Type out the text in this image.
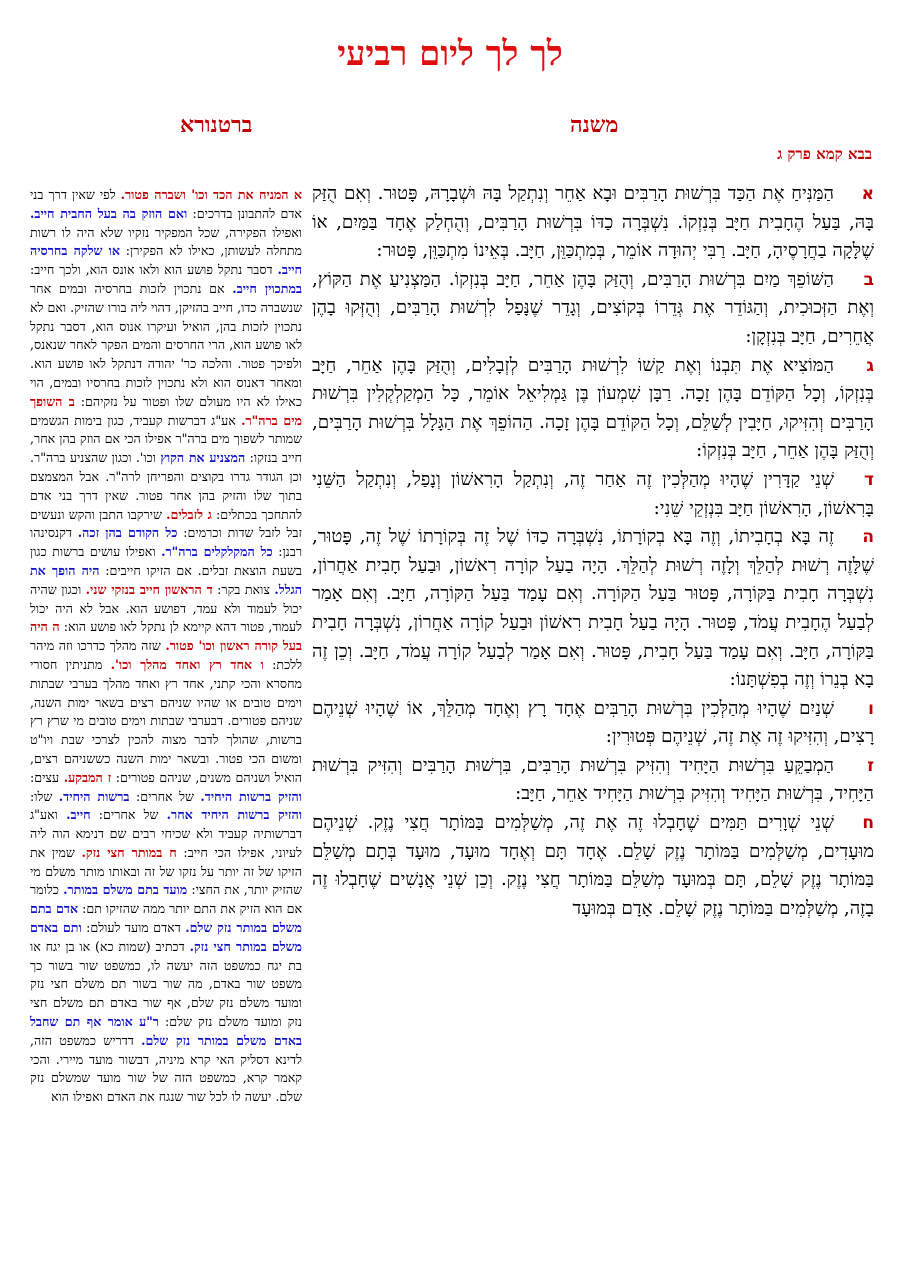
לך לך ליום רביעי
משנה
ברטנורא
בבא קמא פרק ג

אהַמַּנִּיחַ אֶת הַכַּד בִּרְשׁוּת הָרַבִּים וּבָא אַחֵר וְנִתְקַל בָּהּ וּשְׁבָרָהּ, פָּטוּר. וְאִם הֻזַּק בָּהּ, בַּעַל הֶחָבִית חַיָּב בְּנִזְקוֹ. נִשְׁבְּרָה כַדּוֹ בִּרְשׁוּת הָרַבִּים, וְהֻחְלַק אֶחָד בַּמַּיִם, אוֹ שֶׁלָּקָה בַחֲרָסֶיהָ, חַיָּב. רַבִּי יְהוּדָה אוֹמֵר, בְּמִתְכַּוֵּן, חַיָּב. בְּאֵינוֹ מִתְכַּוֵּן, פָּטוּר:

בהַשּׁוֹפֵךְ מַיִם בִּרְשׁוּת הָרַבִּים, וְהֻזַּק בָּהֶן אַחֵר, חַיָּב בְּנִזְקוֹ. הַמַּצְנִיעַ אֶת הַקּוֹץ, וְאֶת הַזְּכוּכִית, וְהַגּוֹדֵר אֶת גְּדֵרוֹ בְּקוֹצִים, וְגָדֵר שֶׁנָּפַל לִרְשׁוּת הָרַבִּים, וְהֻזְּקוּ בָהֶן אֲחֵרִים, חַיָּב בְּנִזְקָן:

גהַמּוֹצִיא אֶת תִּבְנוֹ וְאֶת קַשׁוֹ לִרְשׁוּת הָרַבִּים לְזְבָלִים, וְהֻזַּק בָּהֶן אַחֵר, חַיָּב בְּנִזְקוֹ, וְכָל הַקּוֹדֵם בָּהֶן זָכָה. רַבָּן שִׁמְעוֹן בֶּן גַּמְלִיאֵל אוֹמֵר, כָּל הַמְקַלְקְלִין בִּרְשׁוּת הָרַבִּים וְהִזִּיקוּ, חַיָּבִין לְשַׁלֵּם, וְכָל הַקּוֹדֵם בָּהֶן זָכָה. הַהוֹפֵךְ אֶת הַגָּלָל בִּרְשׁוּת הָרַבִּים, וְהֻזַּק בָּהֶן אַחֵר, חַיָּב בְּנִזְקוֹ:

דשְׁנֵי קַדָּרִין שֶׁהָיוּ מְהַלְּכִין זֶה אַחַר זֶה, וְנִתְקַל הָרִאשׁוֹן וְנָפַל, וְנִתְקַל הַשֵּׁנִי בָּרִאשׁוֹן, הָרִאשׁוֹן חַיָּב בִּנְזְקֵי שֵׁנִי:

הזֶה בָּא בְחָבִיתוֹ, וְזֶה בָּא בְקוֹרָתוֹ, נִשְׁבְּרָה כַדּוֹ שֶׁל זֶה בְּקוֹרָתוֹ שֶׁל זֶה, פָּטוּר, שֶׁלָּזֶה רְשׁוּת לְהַלֵּךְ וְלָזֶה רְשׁוּת לְהַלֵּךְ. הָיָה בַעַל קוֹרָה רִאשׁוֹן, וּבַעַל חָבִית אַחֲרוֹן, נִשְׁבְּרָה חָבִית בַּקּוֹרָה, פָּטוּר בַּעַל הַקּוֹרָה. וְאִם עָמַד בַּעַל הַקּוֹרָה, חַיָּב. וְאִם אָמַר לְבַעַל הֶחָבִית עֲמֹד, פָּטוּר. הָיָה בַעַל חָבִית רִאשׁוֹן וּבַעַל קוֹרָה אַחֲרוֹן, נִשְׁבְּרָה חָבִית בַּקּוֹרָה, חַיָּב. וְאִם עָמַד בַּעַל חָבִית, פָּטוּר. וְאִם אָמַר לְבַעַל קוֹרָה עֲמֹד, חַיָּב. וְכֵן זֶה בָא בְנֵרוֹ וְזֶה בְפִשְׁתָּנוֹ:

ושְׁנַיִם שֶׁהָיוּ מְהַלְּכִין בִּרְשׁוּת הָרַבִּים אֶחָד רָץ וְאֶחָד מְהַלֵּךְ, אוֹ שֶׁהָיוּ שְׁנֵיהֶם רָצִים, וְהִזִּיקוּ זֶה אֶת זֶה, שְׁנֵיהֶם פְּטוּרִין:

זהַמְבַקֵּעַ בִּרְשׁוּת הַיָּחִיד וְהִזִּיק בִּרְשׁוּת הָרַבִּים, בִּרְשׁוּת הָרַבִּים וְהִזִּיק בִּרְשׁוּת הַיָּחִיד, בִּרְשׁוּת הַיָּחִיד וְהִזִּיק בִּרְשׁוּת הַיָּחִיד אַחֵר, חַיָּב:

חשְׁנֵי שְׁוָרִים תַּמִּים שֶׁחָבְלוּ זֶה אֶת זֶה, מְשַׁלְּמִים בַּמּוֹתָר חֲצִי נֶזֶק. שְׁנֵיהֶם מוּעָדִים, מְשַׁלְּמִים בַּמּוֹתָר נֶזֶק שָׁלֵם. אֶחָד תָּם וְאֶחָד מוּעָד, מוּעָד בְּתָם מְשַׁלֵּם בַּמּוֹתָר נֶזֶק שָׁלֵם, תָּם בְּמוּעָד מְשַׁלֵּם בַּמּוֹתָר חֲצִי נֶזֶק. וְכֵן שְׁנֵי אֲנָשִׁים שֶׁחָבְלוּ זֶה בָזֶה, מְשַׁלְּמִים בַּמּוֹתָר נֶזֶק שָׁלֵם. אָדָם בְּמוּעָד

א המניח את הכד וכו' ושברה פטור. לפי שאין דרך בני אדם להתבונן בדרכים: ואם הוזק בה בעל החבית חייב. ואפילו הפקירה, שכל המפקיר נזקיו שלא היה לו רשות מתחלה לעשותן, כאילו לא הפקירן: או שלקה בחרסיה חייב. דסבר נתקל פושע הוא ולאו אונס הוא, ולכך חייב: במתכוין חייב. אם נתכוין לזכות בחרסיה ובמים אחר שנשברה כדו, חייב בהזיקן, דהוי ליה בורו שהזיק. ואם לא נתכוין לזכות בהן, הואיל ועיקרו אנוס הוא, דסבר נתקל לאו פושע הוא, הרי החרסים והמים הפקר לאחר שנאנס, ולפיכך פטור. והלכה כר' יהודה דנתקל לאו פושע הוא. ומאחר דאנוס הוא ולא נתכוין לזכות בחרסיו ובמים, הוי כאילו לא היו מעולם שלו ופטור על נזקיהם: ב השופך מים ברה"ר. אע"ג דברשות קעביד, כגון בימות הגשמים שמותר לשפוך מים ברה"ר אפילו הכי אם הוזק בהן אחר, חייב בנזקו: המצניע את הקוץ וכו'. וכגון שהצניע ברה"ר. וכן הגודר גדרו בקוצים והפריחן לרה"ר. אבל המצמצם בתוך שלו והזיק בהן אחר פטור. שאין דרך בני אדם להתחכך בכתלים: ג לזבלים. שירקבו התבן והקש ונעשים זבל לזבל שדות וכרמים: כל הקודם בהן זכה. דקנסינהו רבנן: כל המקלקלים ברה"ר. ואפילו עושים ברשות כגון בשעת הוצאת זבלים. אם הזיקו חייבים: היה הופך את הגלל. צואת בקר: ד הראשון חייב בנזקי שני. וכגון שהיה יכול לעמוד ולא עמד, דפושע הוא. אבל לא היה יכול לעמוד, פטור דהא קיימא לן נתקל לאו פושע הוא: ה היה בעל קורה ראשון וכו' פטור. שזה מהלך כדרכו וזה מיהר ללכת: ו אחד רץ ואחד מהלך וכו'. מתניתין חסורי מחסרא והכי קתני, אחד רץ ואחד מהלך בערבי שבתות וימים טובים או שהיו שניהם רצים בשאר ימות השנה, שניהם פטורים. דבערבי שבתות וימים טובים מי שרץ רץ ברשות, שהולך לדבר מצוה להכין לצרכי שבת ויו"ט ומשום הכי פטור. ובשאר ימות השנה כששניהם רצים, הואיל ושניהם משנים, שניהם פטורים: ז המבקע. עצים: והזיק ברשות היחיד. של אחרים: ברשות היחיד. שלו: והזיק ברשות היחיד אחר. של אחרים: חייב. ואע"ג דברשותיה קעביד ולא שכיחי רבים שם דנימא הוה ליה לעיוני, אפילו הכי חייב: ח במותר חצי נזק. שמין את הזיקו של זה יותר על נזקו של זה ובאותו מותר משלם מי שהזיק יותר, את החצי: מועד בתם משלם במותר. כלומר אם הוא הזיק את התם יותר ממה שהזיקו תם: אדם בתם משלם במותר נזק שלם. דאדם מועד לעולם: ותם באדם משלם במותר חצי נזק. דכתיב (שמות כא) או בן יגח או בת יגח כמשפט הזה יעשה לו, כמשפט שור בשור כך משפט שור באדם, מה שור בשור תם משלם חצי נזק ומועד משלם נזק שלם, אף שור באדם תם משלם חצי נזק ומועד משלם נזק שלם: ר"ע אומר אף תם שחבל באדם משלם במותר נזק שלם. דדריש כמשפט הזה, לדינא דסליק האי קרא מיניה, דבשור מועד מיירי. והכי קאמר קרא, כמשפט הזה של שור מועד שמשלם נזק שלם. יעשה לו לכל שור שנגח את האדם ואפילו הוא
